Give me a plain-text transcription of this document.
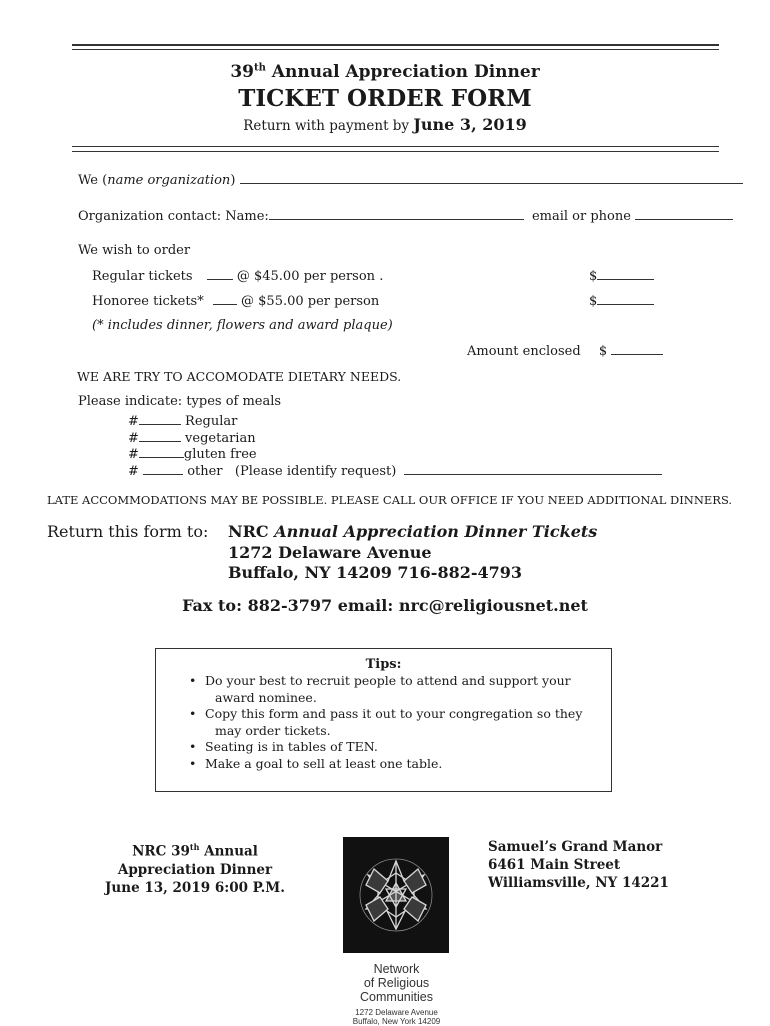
39th Annual Appreciation Dinner
TICKET ORDER FORM
Return with payment by June 3, 2019
We (name organization)
Organization contact: Name:	email or phone
We wish to order
Regular tickets	@ $45.00 per person .	$
Honoree tickets*	@ $55.00 per person	$
(* includes dinner, flowers and award plaque)
Amount enclosed $
WE ARE TRY TO ACCOMODATE DIETARY NEEDS.
Please indicate: types of meals
#	Regular
#	vegetarian
#	gluten free
#	other   (Please identify request)
LATE ACCOMMODATIONS MAY BE POSSIBLE. PLEASE CALL OUR OFFICE IF YOU NEED ADDITIONAL DINNERS.
Return this form to: NRC Annual Appreciation Dinner Tickets
1272 Delaware Avenue
Buffalo, NY 14209 716-882-4793
Fax to: 882-3797 email: nrc@religiousnet.net
Tips:
• Do your best to recruit people to attend and support your
award nominee.
• Copy this form and pass it out to your congregation so they
may order tickets.
• Seating is in tables of TEN.
• Make a goal to sell at least one table.
NRC 39th Annual
Appreciation Dinner
June 13, 2019 6:00 P.M.
Network
of Religious
Communities
1272 Delaware Avenue
Buffalo, New York 14209
Samuel’s Grand Manor
6461 Main Street
Williamsville, NY 14221
